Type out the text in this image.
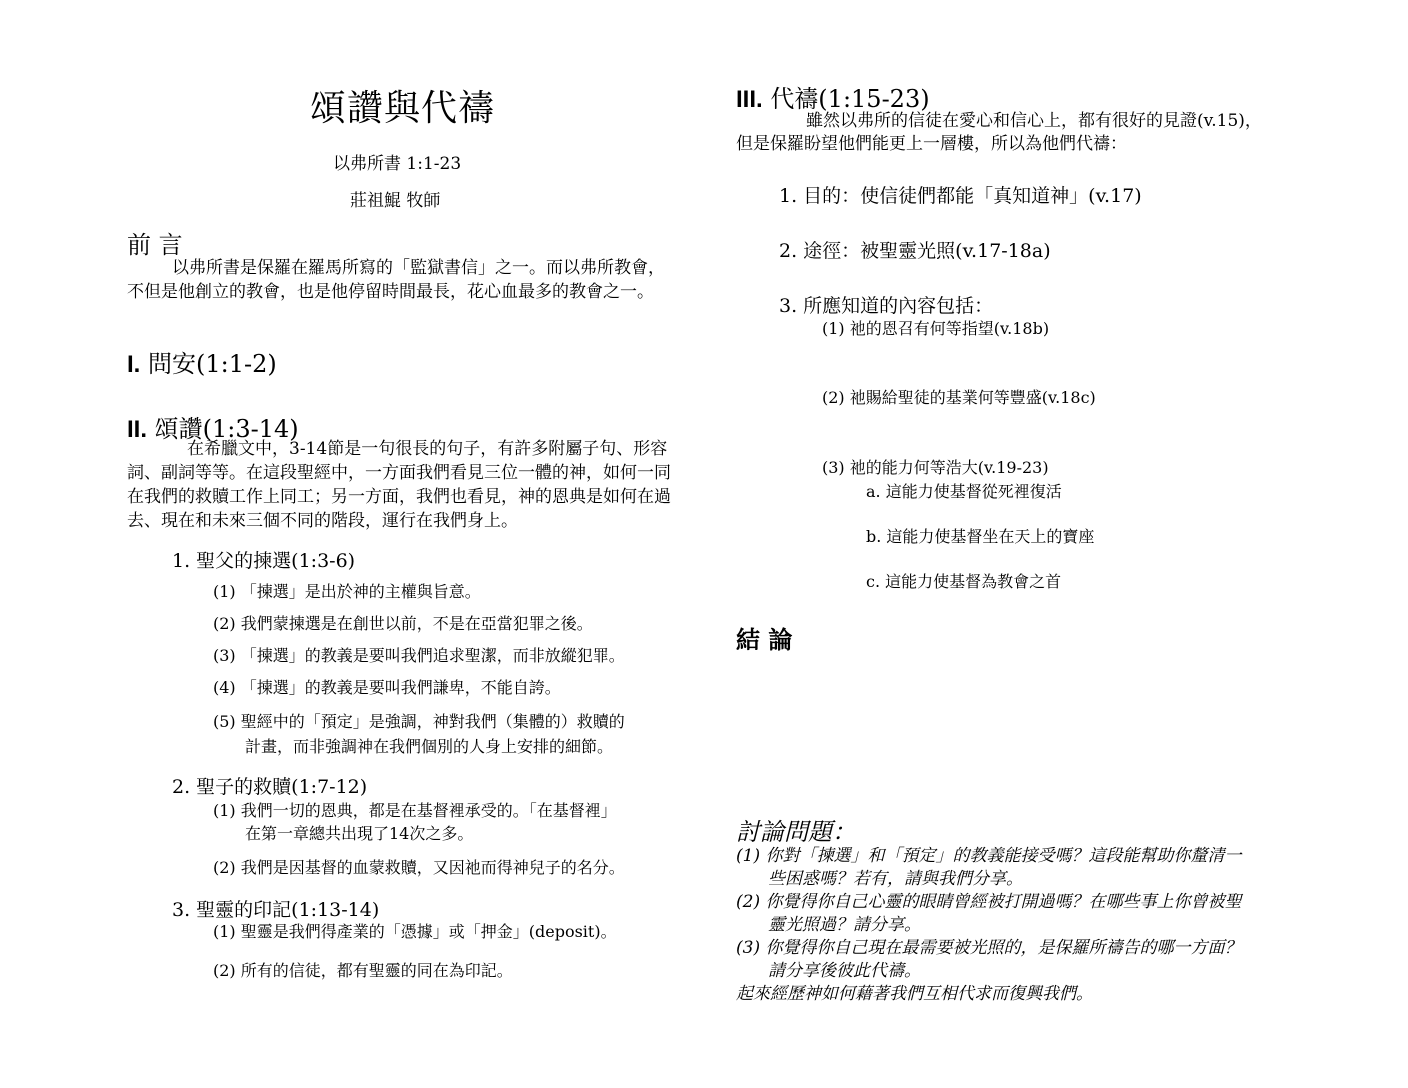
頌讚與代禱
以弗所書 1:1-23
莊祖鯤 牧師
前 言
以弗所書是保羅在羅馬所寫的「監獄書信」之一。而以弗所教會，不但是他創立的教會，也是他停留時間最長，花心血最多的教會之一。
I. 問安(1:1-2)
II. 頌讚(1:3-14)
在希臘文中，3-14節是一句很長的句子，有許多附屬子句、形容詞、副詞等等。在這段聖經中，一方面我們看見三位一體的神，如何一同在我們的救贖工作上同工；另一方面，我們也看見，神的恩典是如何在過去、現在和未來三個不同的階段，運行在我們身上。
1. 聖父的揀選(1:3-6)
(1) 「揀選」是出於神的主權與旨意。
(2) 我們蒙揀選是在創世以前，不是在亞當犯罪之後。
(3) 「揀選」的教義是要叫我們追求聖潔，而非放縱犯罪。
(4) 「揀選」的教義是要叫我們謙卑，不能自誇。
(5) 聖經中的「預定」是強調，神對我們（集體的）救贖的
計畫，而非強調神在我們個別的人身上安排的細節。
2. 聖子的救贖(1:7-12)
(1) 我們一切的恩典，都是在基督裡承受的。「在基督裡」
在第一章總共出現了14次之多。
(2) 我們是因基督的血蒙救贖，又因祂而得神兒子的名分。
3. 聖靈的印記(1:13-14)
(1) 聖靈是我們得產業的「憑據」或「押金」(deposit)。
(2) 所有的信徒，都有聖靈的同在為印記。
III. 代禱(1:15-23)
雖然以弗所的信徒在愛心和信心上，都有很好的見證(v.15)，
但是保羅盼望他們能更上一層樓，所以為他們代禱：
1. 目的：使信徒們都能「真知道神」(v.17)
2. 途徑：被聖靈光照(v.17-18a)
3. 所應知道的內容包括：
(1) 祂的恩召有何等指望(v.18b)
(2) 祂賜給聖徒的基業何等豐盛(v.18c)
(3) 祂的能力何等浩大(v.19-23)
a. 這能力使基督從死裡復活
b. 這能力使基督坐在天上的寶座
c. 這能力使基督為教會之首
結 論
討論問題：
(1) 你對「揀選」和「預定」的教義能接受嗎？這段能幫助你釐清一
些困惑嗎？若有，請與我們分享。
(2) 你覺得你自己心靈的眼睛曾經被打開過嗎？在哪些事上你曾被聖
靈光照過？請分享。
(3) 你覺得你自己現在最需要被光照的，是保羅所禱告的哪一方面？
請分享後彼此代禱。
起來經歷神如何藉著我們互相代求而復興我們。
